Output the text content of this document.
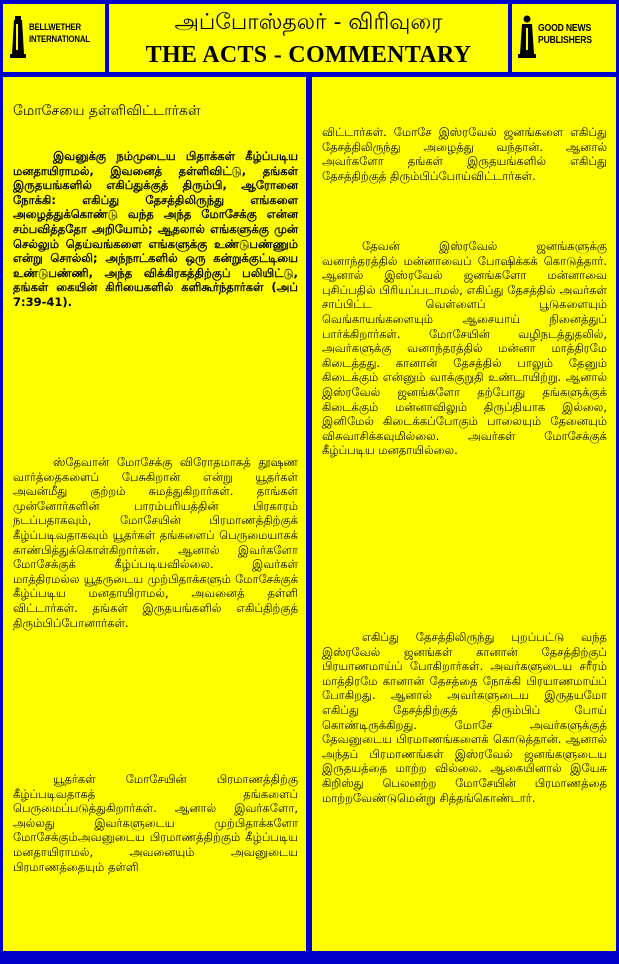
BELLWETHER
INTERNATIONAL
அப்போஸ்தலர் - விரிவுரை
THE ACTS - COMMENTARY
GOOD NEWS
PUBLISHERS
மோசேயை தள்ளிவிட்டார்கள்

இவனுக்கு நம்முடைய பிதாக்கள் கீழ்ப்படிய மனதாயிராமல், இவனைத் தள்ளிவிட்டு, தங்கள் இருதயங்களில் எகிப்துக்குத் திரும்பி, ஆரோனை நோக்கி: எகிப்து தேசத்திலிருந்து எங்களை அழைத்துக்கொண்டு வந்த அந்த மோசேக்கு என்ன சம்பவித்ததோ அறியோம்; ஆதலால் எங்களுக்கு முன் செல்லும் தெய்வங்களை எங்களுக்கு உண்டுபண்ணும் என்று சொல்லி; அந்நாட்களில் ஒரு கன்றுக்குட்டியை உண்டுபண்ணி, அந்த விக்கிரகத்திற்குப் பலியிட்டு, தங்கள் கையின் கிரியைகளில் களிகூர்ந்தார்கள் (அப் 7:39-41).

ஸ்தேவான் மோசேக்கு விரோதமாகத் தூஷண வார்த்தைகளைப் பேசுகிறான் என்று யூதர்கள் அவன்மீது குற்றம் சுமத்துகிறார்கள். தாங்கள் முன்னோர்களின் பாரம்பரியத்தின் பிரகாரம் நடப்பதாகவும், மோசேயின் பிரமாணத்திற்குக் கீழ்ப்படிவதாகவும் யூதர்கள் தங்களைப் பெருமையாகக் காண்பித்துக்கொள்கிறார்கள். ஆனால் இவர்களோ மோசேக்குக் கீழ்ப்படியவில்லை. இவர்கள் மாத்திரமல்ல யூதருடைய முற்பிதாக்களும் மோசேக்குக் கீழ்ப்படிய மனதாயிராமல், அவனைத் தள்ளி விட்டார்கள். தங்கள் இருதயங்களில் எகிப்திற்குத் திரும்பிப்போனார்கள்.

யூதர்கள் மோசேயின் பிரமாணத்திற்கு கீழ்ப்படிவதாகத் தங்களைப் பெருமைப்படுத்துகிறார்கள். ஆனால் இவர்களோ, அல்லது இவர்களுடைய முற்பிதாக்களோ மோசேக்கும்அவனுடைய பிரமாணத்திற்கும் கீழ்ப்படிய மனதாயிராமல், அவனையும் அவனுடைய பிரமாணத்தையும் தள்ளி

விட்டார்கள். மோசே இஸ்ரவேல் ஜனங்களை எகிப்து தேசத்திலிருந்து அழைத்து வந்தான். ஆனால் அவர்களோ தங்கள் இருதயங்களில் எகிப்து தேசத்திற்குத் திரும்பிப்போய்விட்டார்கள்.

தேவன் இஸ்ரவேல் ஜனங்களுக்கு வனாந்தரத்தில் மன்னாவைப் போஷிக்கக் கொடுத்தார். ஆனால் இஸ்ரவேல் ஜனங்களோ மன்னாவை புசிப்பதில் பிரியப்படாமல், எகிப்து தேசத்தில் அவர்கள் சாப்பிட்ட வெள்ளைப் பூடுகளையும் வெங்காயங்களையும் ஆசையாய் நினைத்துப் பார்க்கிறார்கள். மோசேயின் வழிநடத்துதலில், அவர்களுக்கு வனாந்தரத்தில் மன்னா மாத்திரமே கிடைத்தது. கானான் தேசத்தில் பாலும் தேனும் கிடைக்கும் என்னும் வாக்குறுதி உண்டாயிற்று. ஆனால் இஸ்ரவேல் ஜனங்களோ தற்போது தங்களுக்குக் கிடைக்கும் மன்னாவிலும் திருப்தியாக இல்லை, இனிமேல் கிடைக்கப்போகும் பாலையும் தேனையும் விசுவாசிக்கவுமில்லை. அவர்கள் மோசேக்குக் கீழ்ப்படிய மனதாயில்லை.

எகிப்து தேசத்திலிருந்து புறப்பட்டு வந்த இஸ்ரவேல் ஜனங்கள் கானான் தேசத்திற்குப் பிரயாணமாய்ப் போகிறார்கள். அவர்களுடைய சரீரம் மாத்திரமே கானான் தேசத்தை நோக்கி பிரயாணமாய்ப் போகிறது. ஆனால் அவர்களுடைய இருதயமோ எகிப்து தேசத்திற்குத் திரும்பிப் போய் கொண்டிருக்கிறது. மோசே அவர்களுக்குத் தேவனுடைய பிரமாணங்களைக் கொடுத்தான். ஆனால் அந்தப் பிரமாணங்கள் இஸ்ரவேல் ஜனங்களுடைய இருதயத்தை மாற்ற வில்லை. ஆகையினால் இயேசு கிறிஸ்து பெலனற்ற மோசேயின் பிரமாணத்தை மாற்றவேண்டுமென்று சித்தங்கொண்டார்.
